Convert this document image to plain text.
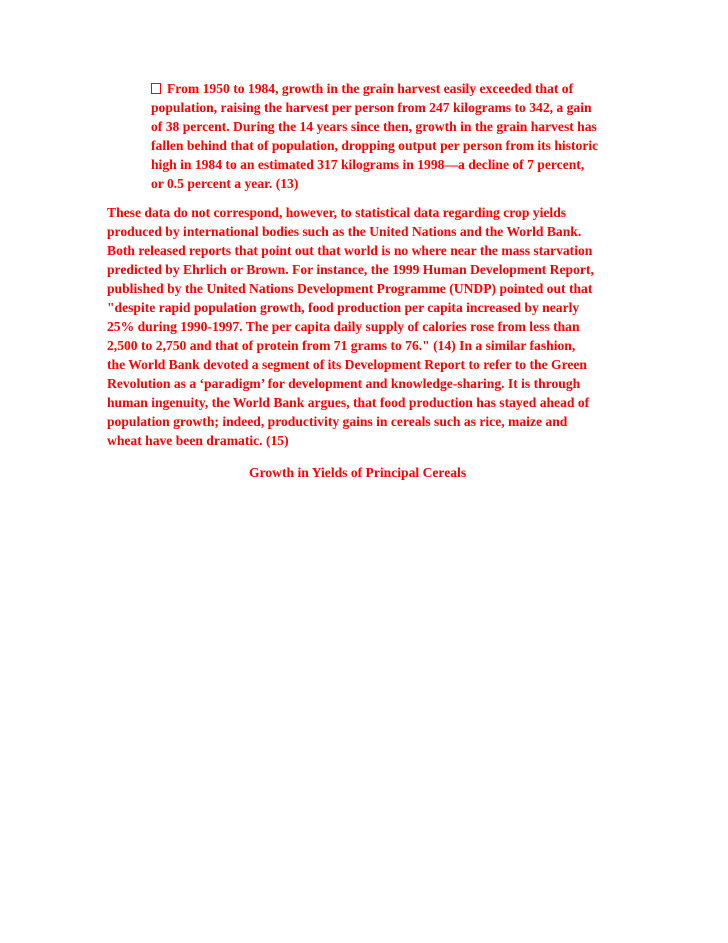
From 1950 to 1984, growth in the grain harvest easily exceeded that of
population, raising the harvest per person from 247 kilograms to 342, a gain
of 38 percent. During the 14 years since then, growth in the grain harvest has
fallen behind that of population, dropping output per person from its historic
high in 1984 to an estimated 317 kilograms in 1998—a decline of 7 percent,
or 0.5 percent a year. (13)
These data do not correspond, however, to statistical data regarding crop yields
produced by international bodies such as the United Nations and the World Bank.
Both released reports that point out that world is no where near the mass starvation
predicted by Ehrlich or Brown. For instance, the 1999 Human Development Report,
published by the United Nations Development Programme (UNDP) pointed out that
"despite rapid population growth, food production per capita increased by nearly
25% during 1990-1997. The per capita daily supply of calories rose from less than
2,500 to 2,750 and that of protein from 71 grams to 76." (14) In a similar fashion,
the World Bank devoted a segment of its Development Report to refer to the Green
Revolution as a ‘paradigm’ for development and knowledge-sharing. It is through
human ingenuity, the World Bank argues, that food production has stayed ahead of
population growth; indeed, productivity gains in cereals such as rice, maize and
wheat have been dramatic. (15)
Growth in Yields of Principal Cereals
